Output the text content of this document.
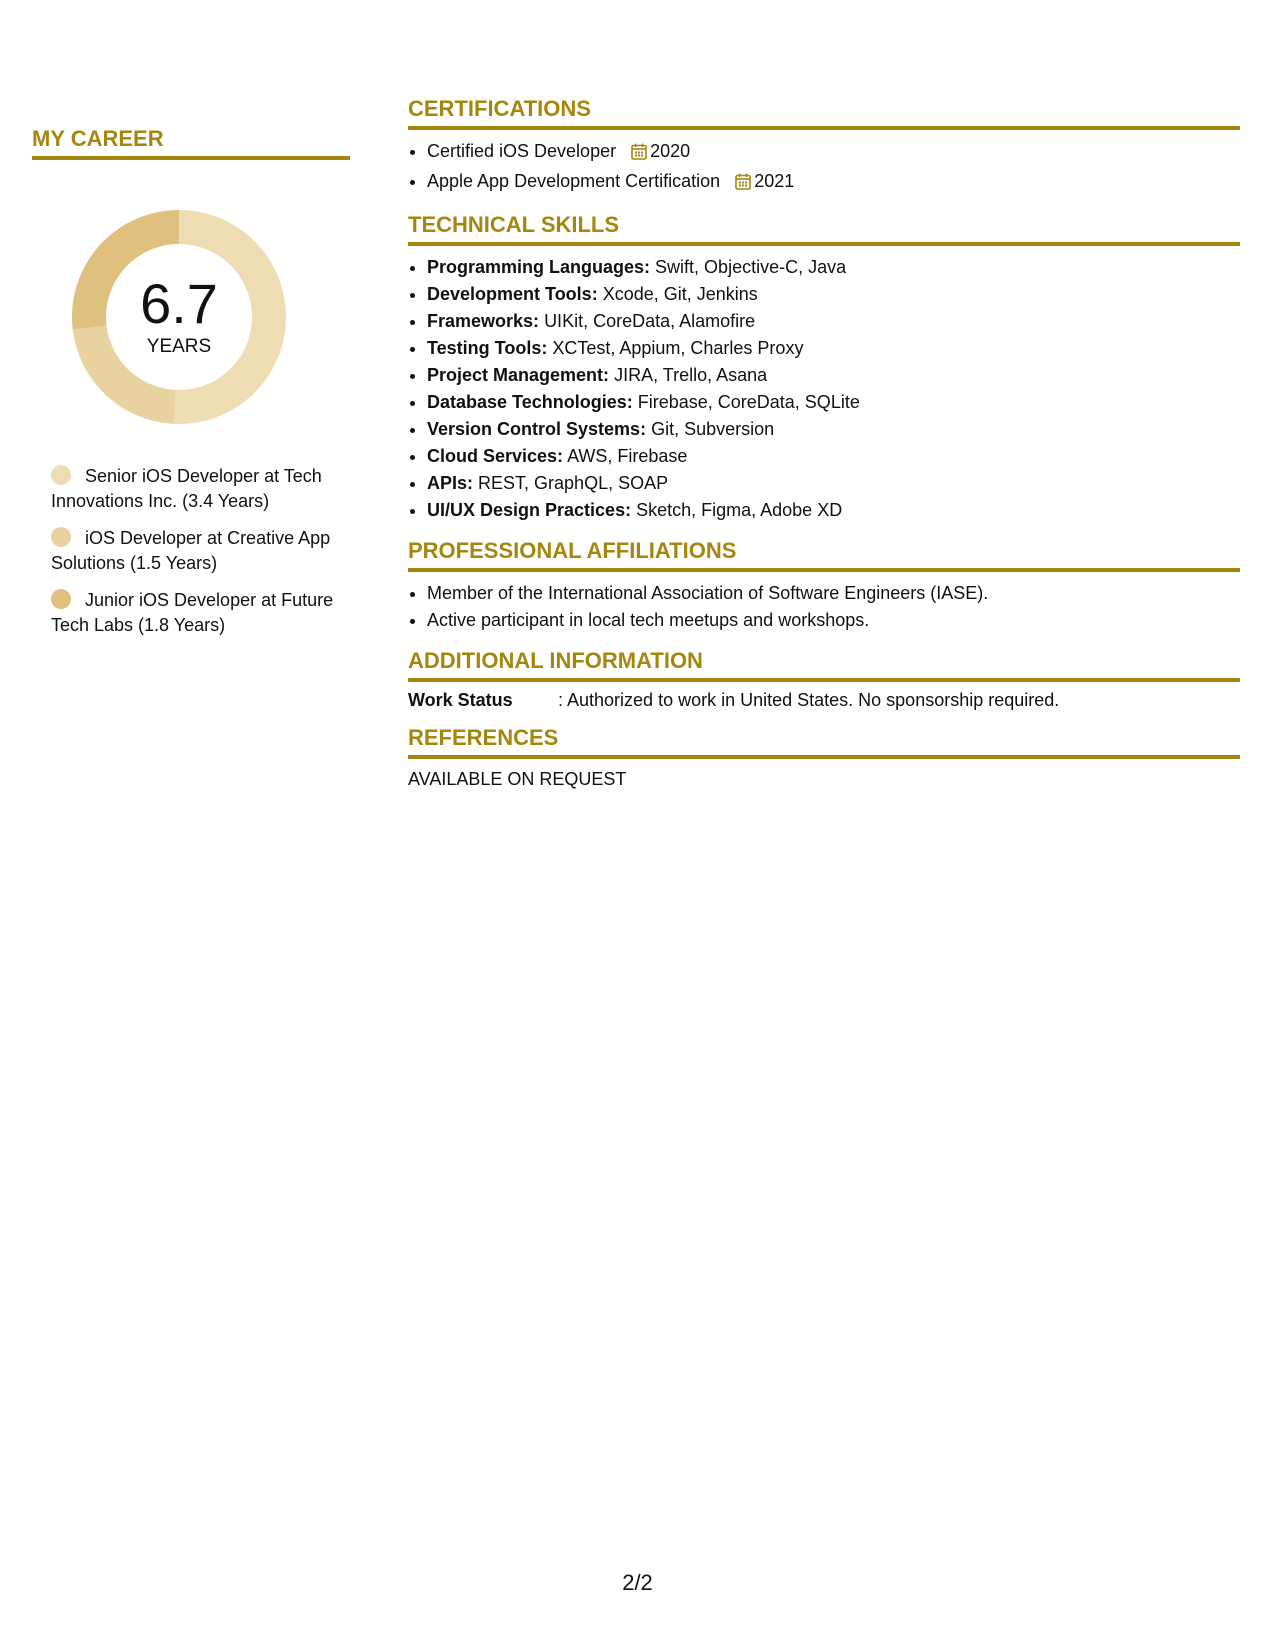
MY CAREER
6.7
YEARS
Senior iOS Developer at Tech Innovations Inc. (3.4 Years)
iOS Developer at Creative App Solutions (1.5 Years)
Junior iOS Developer at Future Tech Labs (1.8 Years)
CERTIFICATIONS
• Certified iOS Developer 2020
• Apple App Development Certification 2021
TECHNICAL SKILLS
• Programming Languages: Swift, Objective-C, Java
• Development Tools: Xcode, Git, Jenkins
• Frameworks: UIKit, CoreData, Alamofire
• Testing Tools: XCTest, Appium, Charles Proxy
• Project Management: JIRA, Trello, Asana
• Database Technologies: Firebase, CoreData, SQLite
• Version Control Systems: Git, Subversion
• Cloud Services: AWS, Firebase
• APIs: REST, GraphQL, SOAP
• UI/UX Design Practices: Sketch, Figma, Adobe XD
PROFESSIONAL AFFILIATIONS
• Member of the International Association of Software Engineers (IASE).
• Active participant in local tech meetups and workshops.
ADDITIONAL INFORMATION
Work Status	: Authorized to work in United States. No sponsorship required.
REFERENCES
AVAILABLE ON REQUEST
2/2
